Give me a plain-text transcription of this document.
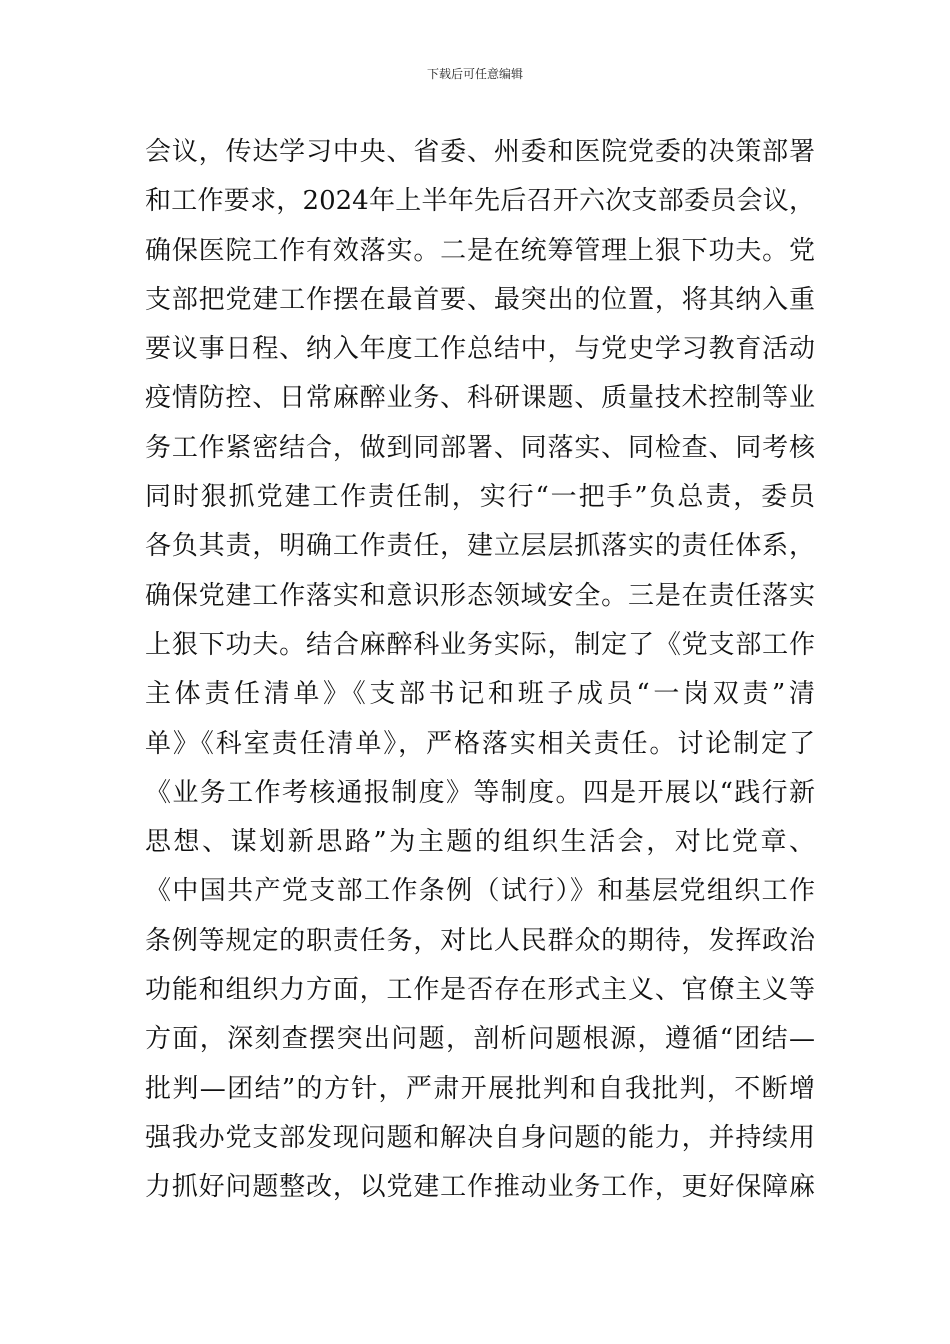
下载后可任意编辑
会议，传达学习中央、省委、州委和医院党委的决策部署
和工作要求，2024年上半年先后召开六次支部委员会议，
确保医院工作有效落实。二是在统筹管理上狠下功夫。党
支部把党建工作摆在最首要、最突出的位置，将其纳入重
要议事日程、纳入年度工作总结中，与党史学习教育活动
疫情防控、日常麻醉业务、科研课题、质量技术控制等业
务工作紧密结合，做到同部署、同落实、同检查、同考核
同时狠抓党建工作责任制，实行“一把手”负总责，委员
各负其责，明确工作责任，建立层层抓落实的责任体系，
确保党建工作落实和意识形态领域安全。三是在责任落实
上狠下功夫。结合麻醉科业务实际，制定了《党支部工作
主体责任清单》《支部书记和班子成员“一岗双责”清
单》《科室责任清单》，严格落实相关责任。讨论制定了
《业务工作考核通报制度》等制度。四是开展以“践行新
思想、谋划新思路”为主题的组织生活会，对比党章、
《中国共产党支部工作条例（试行）》和基层党组织工作
条例等规定的职责任务，对比人民群众的期待，发挥政治
功能和组织力方面，工作是否存在形式主义、官僚主义等
方面，深刻查摆突出问题，剖析问题根源，遵循“团结—
批判—团结”的方针，严肃开展批判和自我批判，不断增
强我办党支部发现问题和解决自身问题的能力，并持续用
力抓好问题整改，以党建工作推动业务工作，更好保障麻
